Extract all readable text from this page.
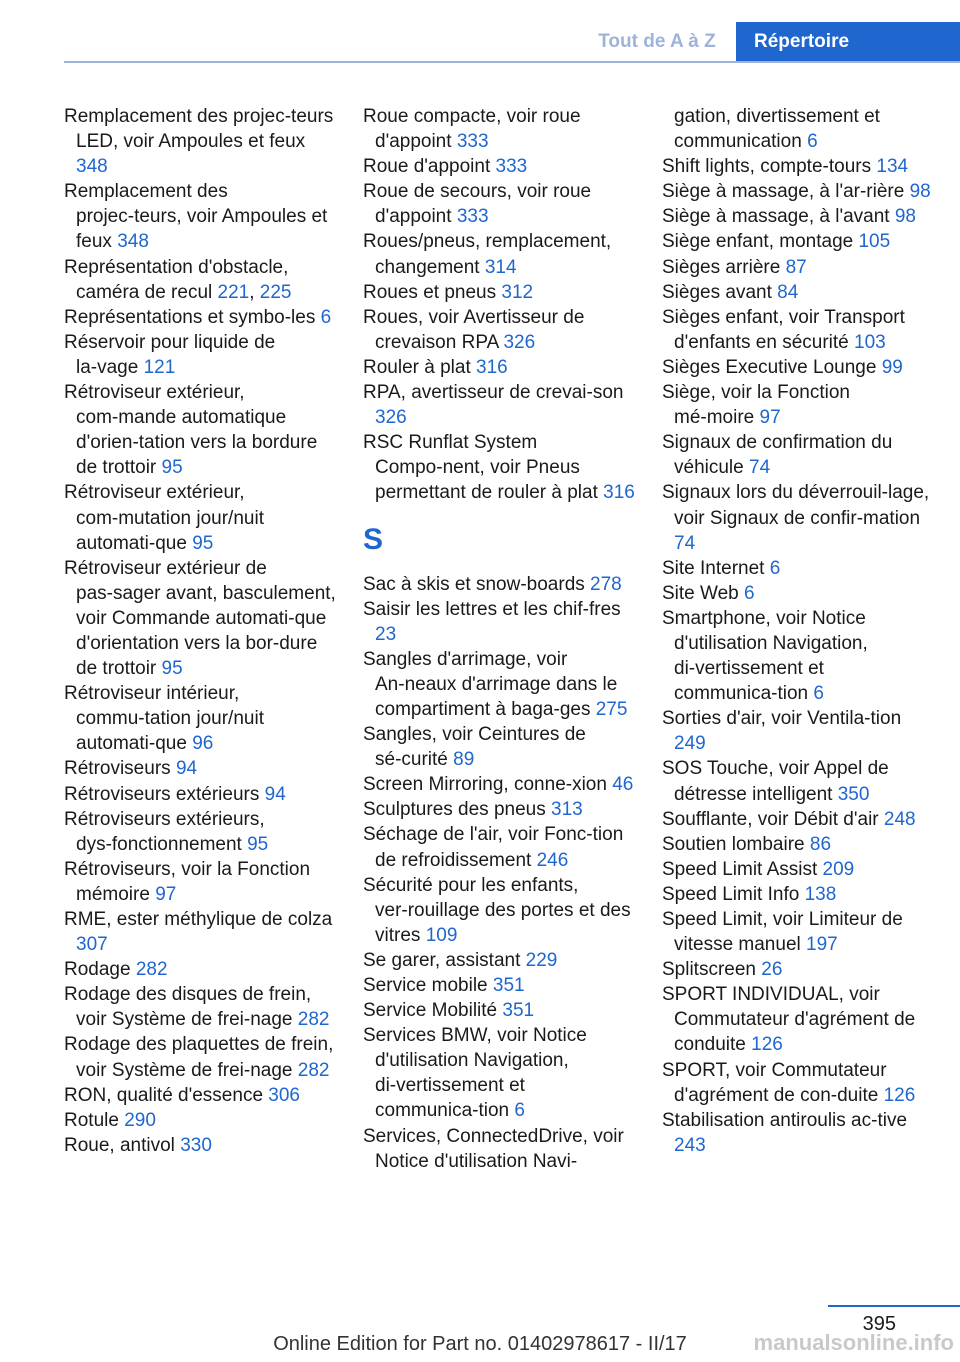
Tout de A à Z	Répertoire
Remplacement des projec‑teurs LED, voir Ampoules et feux 348
Remplacement des projec‑teurs, voir Ampoules et feux 348
Représentation d'obstacle, caméra de recul 221, 225
Représentations et symbo‑les 6
Réservoir pour liquide de la‑vage 121
Rétroviseur extérieur, com‑mande automatique d'orien‑tation vers la bordure de trottoir 95
Rétroviseur extérieur, com‑mutation jour/nuit automati‑que 95
Rétroviseur extérieur de pas‑sager avant, basculement, voir Commande automati‑que d'orientation vers la bor‑dure de trottoir 95
Rétroviseur intérieur, commu‑tation jour/nuit automati‑que 96
Rétroviseurs 94
Rétroviseurs extérieurs 94
Rétroviseurs extérieurs, dys‑fonctionnement 95
Rétroviseurs, voir la Fonction mémoire 97
RME, ester méthylique de colza 307
Rodage 282
Rodage des disques de frein, voir Système de frei‑nage 282
Rodage des plaquettes de frein, voir Système de frei‑nage 282
RON, qualité d'essence 306
Rotule 290
Roue, antivol 330
Roue compacte, voir roue d'appoint 333
Roue d'appoint 333
Roue de secours, voir roue d'appoint 333
Roues/pneus, remplacement, changement 314
Roues et pneus 312
Roues, voir Avertisseur de crevaison RPA 326
Rouler à plat 316
RPA, avertisseur de crevai‑son 326
RSC Runflat System Compo‑nent, voir Pneus permettant de rouler à plat 316
S
Sac à skis et snow‑boards 278
Saisir les lettres et les chif‑fres 23
Sangles d'arrimage, voir An‑neaux d'arrimage dans le compartiment à baga‑ges 275
Sangles, voir Ceintures de sé‑curité 89
Screen Mirroring, conne‑xion 46
Sculptures des pneus 313
Séchage de l'air, voir Fonc‑tion de refroidissement 246
Sécurité pour les enfants, ver‑rouillage des portes et des vitres 109
Se garer, assistant 229
Service mobile 351
Service Mobilité 351
Services BMW, voir Notice d'utilisation Navigation, di‑vertissement et communica‑tion 6
Services, ConnectedDrive, voir Notice d'utilisation Navi‑
gation, divertissement et communication 6
Shift lights, compte‑tours 134
Siège à massage, à l'ar‑rière 98
Siège à massage, à l'avant 98
Siège enfant, montage 105
Sièges arrière 87
Sièges avant 84
Sièges enfant, voir Transport d'enfants en sécurité 103
Sièges Executive Lounge 99
Siège, voir la Fonction mé‑moire 97
Signaux de confirmation du véhicule 74
Signaux lors du déverrouil‑lage, voir Signaux de confir‑mation 74
Site Internet 6
Site Web 6
Smartphone, voir Notice d'utilisation Navigation, di‑vertissement et communica‑tion 6
Sorties d'air, voir Ventila‑tion 249
SOS Touche, voir Appel de détresse intelligent 350
Soufflante, voir Débit d'air 248
Soutien lombaire 86
Speed Limit Assist 209
Speed Limit Info 138
Speed Limit, voir Limiteur de vitesse manuel 197
Splitscreen 26
SPORT INDIVIDUAL, voir Commutateur d'agrément de conduite 126
SPORT, voir Commutateur d'agrément de con‑duite 126
Stabilisation antiroulis ac‑tive 243
395
Online Edition for Part no. 01402978617 - II/17	manualsonline.info
